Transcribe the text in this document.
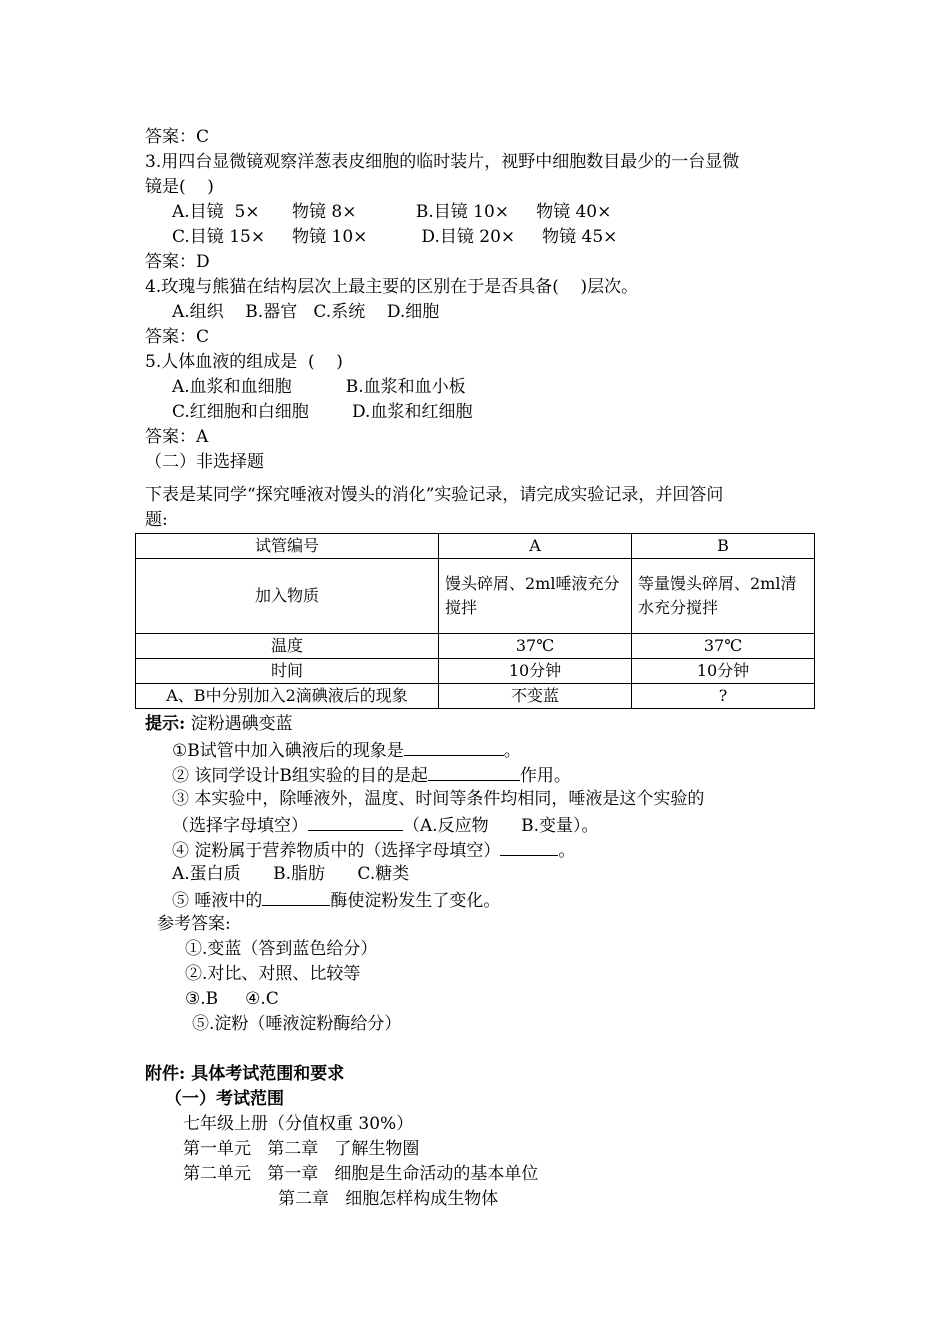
答案：C
3.用四台显微镜观察洋葱表皮细胞的临时装片，视野中细胞数目最少的一台显微
镜是(    )
A.目镜  5×      物镜 8×           B.目镜 10×     物镜 40×
C.目镜 15×     物镜 10×          D.目镜 20×     物镜 45×
答案：D
4.玫瑰与熊猫在结构层次上最主要的区别在于是否具备(    )层次。
A.组织    B.器官   C.系统    D.细胞
答案：C
5.人体血液的组成是  (    )
A.血浆和血细胞          B.血浆和血小板
C.红细胞和白细胞        D.血浆和红细胞
答案：A
（二）非选择题
下表是某同学“探究唾液对馒头的消化”实验记录，请完成实验记录，并回答问
题:
试管编号	A	B
加入物质	馒头碎屑、2ml唾液充分搅拌	等量馒头碎屑、2ml清水充分搅拌
温度	37℃	37℃
时间	10分钟	10分钟
A、B中分别加入2滴碘液后的现象	不变蓝	?
提示: 淀粉遇碘变蓝
①B试管中加入碘液后的现象是	。
② 该同学设计B组实验的目的是起	作用。
③ 本实验中，除唾液外，温度、时间等条件均相同，唾液是这个实验的
（选择字母填空）	（A.反应物      B.变量）。
④ 淀粉属于营养物质中的（选择字母填空）	。
A.蛋白质      B.脂肪      C.糖类
⑤ 唾液中的	酶使淀粉发生了变化。
参考答案:
①.变蓝（答到蓝色给分）
②.对比、对照、比较等
③.B     ④.C
⑤.淀粉（唾液淀粉酶给分）
附件: 具体考试范围和要求
（一）考试范围
七年级上册（分值权重 30%）
第一单元   第二章   了解生物圈
第二单元   第一章   细胞是生命活动的基本单位
第二章   细胞怎样构成生物体
